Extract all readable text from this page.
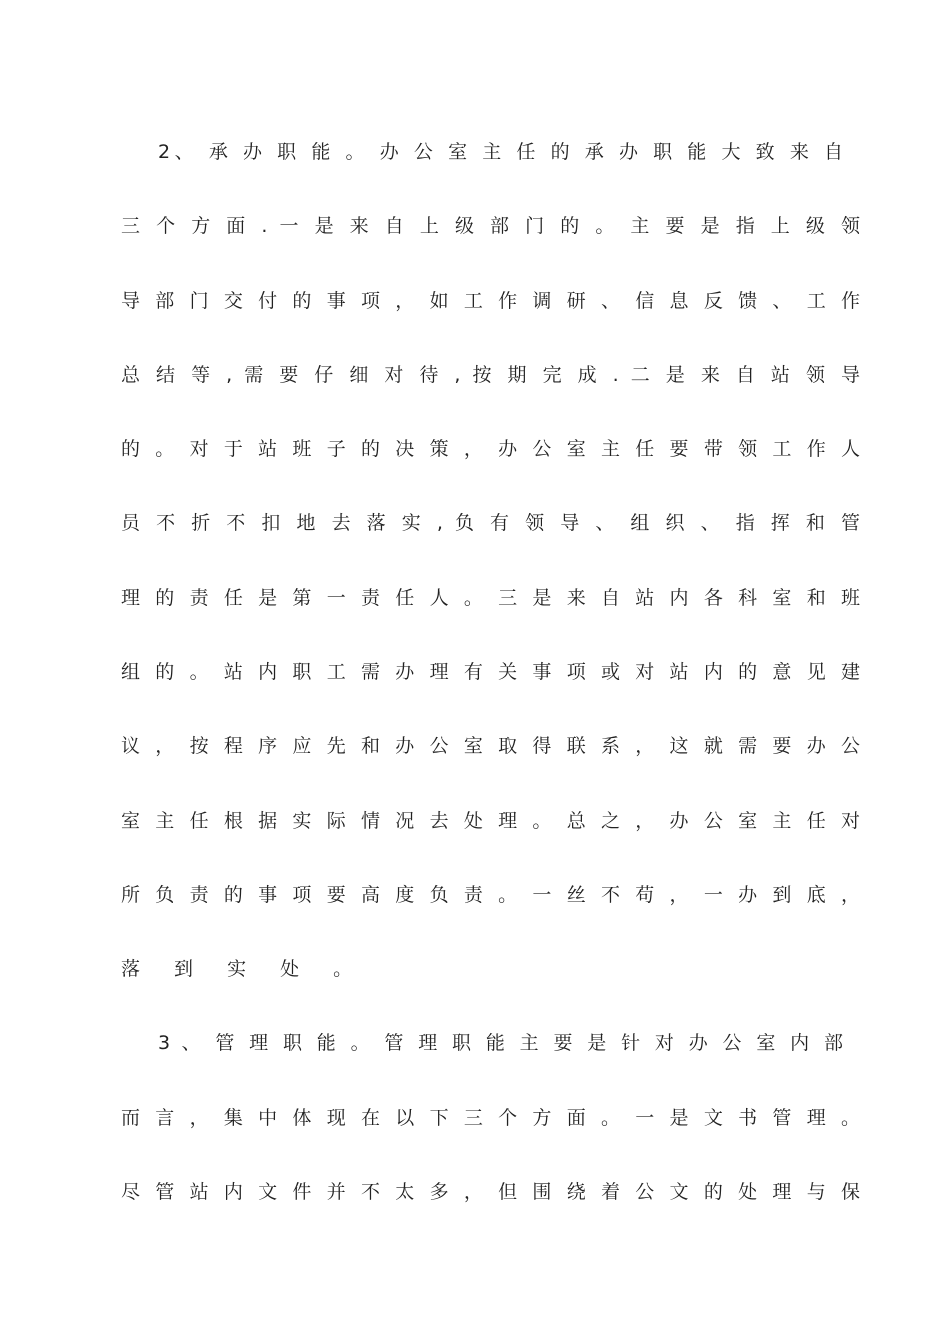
2、 承 办 职 能 。 办 公 室 主 任 的 承 办 职 能 大 致 来 自
三 个 方 面 . 一 是 来 自 上 级 部 门 的 。 主 要 是 指 上 级 领
导 部 门 交 付 的 事 项 ， 如 工 作 调 研 、 信 息 反 馈 、 工 作
总 结 等 , 需 要 仔 细 对 待 , 按 期 完 成 . 二 是 来 自 站 领 导
的 。 对 于 站 班 子 的 决 策 ， 办 公 室 主 任 要 带 领 工 作 人
员 不 折 不 扣 地 去 落 实 , 负 有 领 导 、 组 织 、 指 挥 和 管
理 的 责 任 是 第 一 责 任 人 。 三 是 来 自 站 内 各 科 室 和 班
组 的 。 站 内 职 工 需 办 理 有 关 事 项 或 对 站 内 的 意 见 建
议 ， 按 程 序 应 先 和 办 公 室 取 得 联 系 ， 这 就 需 要 办 公
室 主 任 根 据 实 际 情 况 去 处 理 。 总 之 ， 办 公 室 主 任 对
所 负 责 的 事 项 要 高 度 负 责 。 一 丝 不 苟 ， 一 办 到 底 ，
落 到 实 处 。
3 、 管 理 职 能 。 管 理 职 能 主 要 是 针 对 办 公 室 内 部
而 言 ， 集 中 体 现 在 以 下 三 个 方 面 。 一 是 文 书 管 理 。
尽 管 站 内 文 件 并 不 太 多 ， 但 围 绕 着 公 文 的 处 理 与 保
